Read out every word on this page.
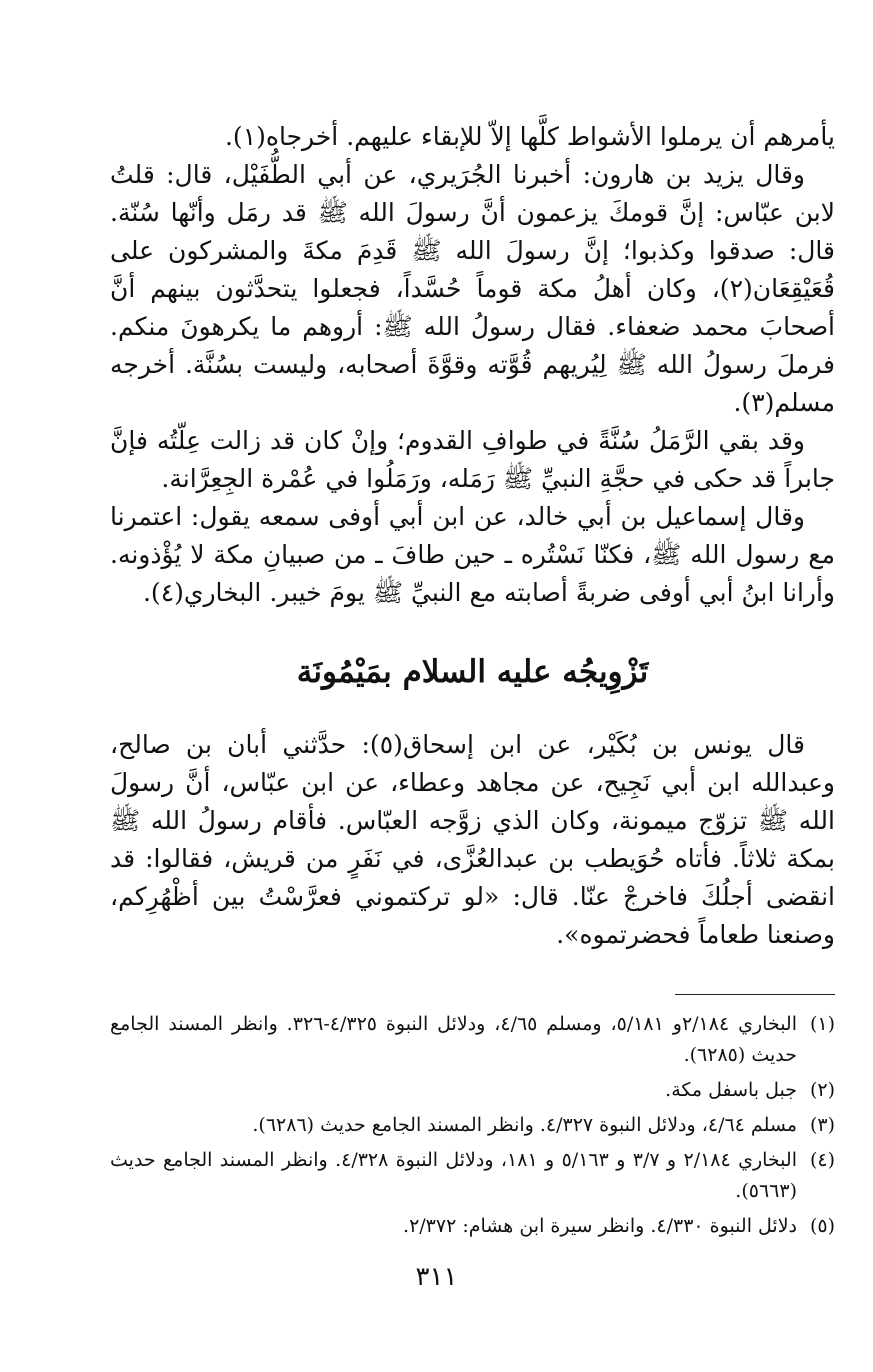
يأمرهم أن يرملوا الأشواط كلَّها إلاّ للإبقاء عليهم. أخرجاه(١).

وقال يزيد بن هارون: أخبرنا الجُرَيري، عن أبي الطُّفَيْل، قال: قلتُ لابن عبّاس: إنَّ قومكَ يزعمون أنَّ رسولَ الله ﷺ قد رمَل وأنّها سُنّة. قال: صدقوا وكذبوا؛ إنَّ رسولَ الله ﷺ قَدِمَ مكةَ والمشركون على قُعَيْقِعَان(٢)، وكان أهلُ مكة قوماً حُسَّداً، فجعلوا يتحدَّثون بينهم أنَّ أصحابَ محمد ضعفاء. فقال رسولُ الله ﷺ: أروهم ما يكرهونَ منكم. فرملَ رسولُ الله ﷺ لِيُريهم قُوَّته وقوَّةَ أصحابه، وليست بسُنَّة. أخرجه مسلم(٣).

وقد بقي الرَّمَلُ سُنَّةً في طوافِ القدوم؛ وإنْ كان قد زالت عِلّتُه فإنَّ جابراً قد حكى في حجَّةِ النبيِّ ﷺ رَمَله، ورَمَلُوا في عُمْرة الجِعِرَّانة.

وقال إسماعيل بن أبي خالد، عن ابن أبي أوفى سمعه يقول: اعتمرنا مع رسول الله ﷺ، فكنّا نَسْتُره ـ حين طافَ ـ من صبيانِ مكة لا يُؤْذونه. وأرانا ابنُ أبي أوفى ضربةً أصابته مع النبيِّ ﷺ يومَ خيبر. البخاري(٤).

تَزْوِيجُه عليه السلام بمَيْمُونَة

قال يونس بن بُكَيْر، عن ابن إسحاق(٥): حدَّثني أبان بن صالح، وعبدالله ابن أبي نَجِيح، عن مجاهد وعطاء، عن ابن عبّاس، أنَّ رسولَ الله ﷺ تزوّج ميمونة، وكان الذي زوَّجه العبّاس. فأقام رسولُ الله ﷺ بمكة ثلاثاً. فأتاه حُوَيطب بن عبدالعُزَّى، في نَفَرٍ من قريش، فقالوا: قد انقضى أجلُكَ فاخرجْ عنّا. قال: «لو تركتموني فعرَّسْتُ بين أظْهُرِكم، وصنعنا طعاماً فحضرتموه».

(١)
البخاري ٢/١٨٤و ٥/١٨١، ومسلم ٤/٦٥، ودلائل النبوة ٤/٣٢٥-٣٢٦. وانظر المسند الجامع حديث (٦٢٨٥).
(٢)
جبل باسفل مكة.
(٣)
مسلم ٤/٦٤، ودلائل النبوة ٤/٣٢٧. وانظر المسند الجامع حديث (٦٢٨٦).
(٤)
البخاري ٢/١٨٤ و ٣/٧ و ٥/١٦٣ و ١٨١، ودلائل النبوة ٤/٣٢٨. وانظر المسند الجامع حديث (٥٦٦٣).
(٥)
دلائل النبوة ٤/٣٣٠. وانظر سيرة ابن هشام: ٢/٣٧٢.
٣١١
